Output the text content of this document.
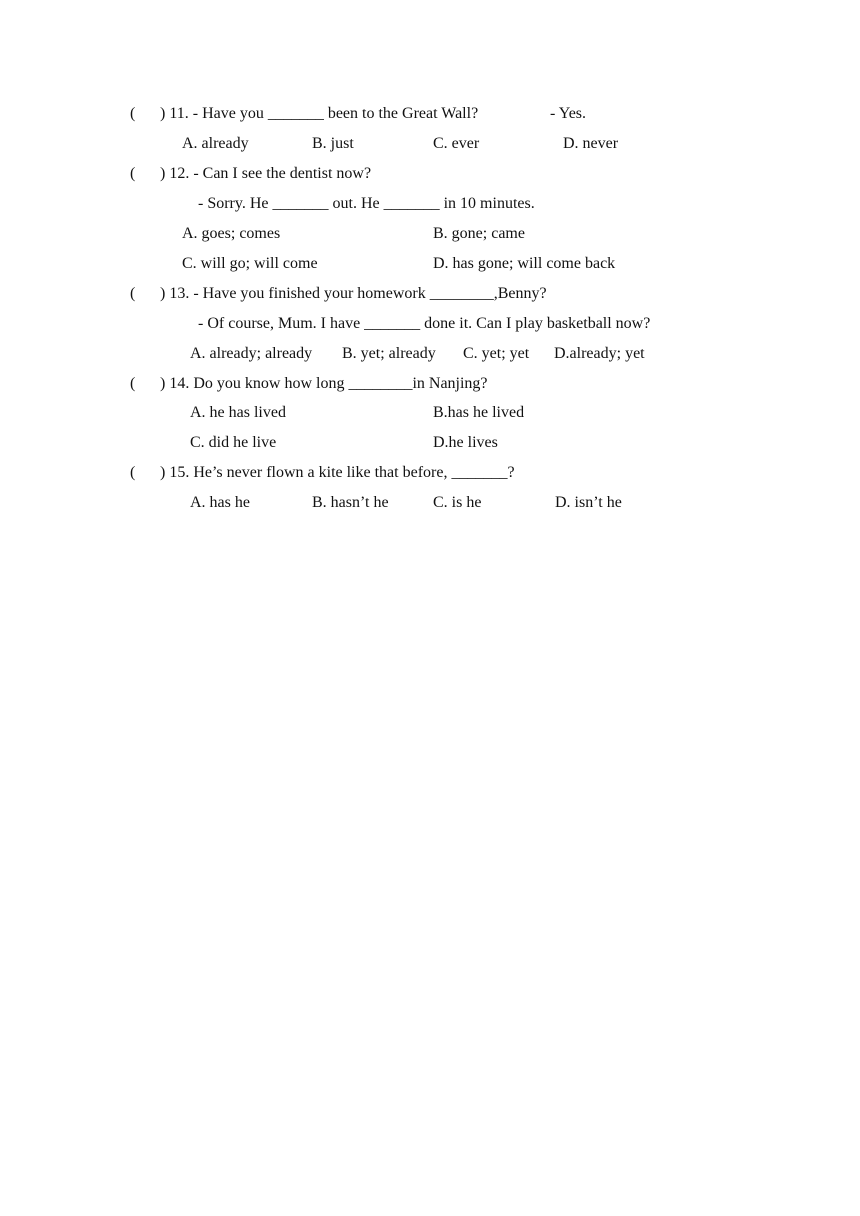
( ) 11. - Have you _______ been to the Great Wall?	- Yes.
A. already	B. just	C. ever	D. never
( ) 12. - Can I see the dentist now?
- Sorry. He _______ out. He _______ in 10 minutes.
A. goes; comes	B. gone; came
C. will go; will come	D. has gone; will come back
( ) 13. - Have you finished your homework ________,Benny?
- Of course, Mum. I have _______ done it. Can I play basketball now?
A. already; already B. yet; already C. yet; yet D.already; yet
( ) 14. Do you know how long ________in Nanjing?
A. he has lived	B.has he lived
C. did he live	D.he lives
( ) 15. He’s never flown a kite like that before, _______?
A. has he	B. hasn’t he	C. is he	D. isn’t he
